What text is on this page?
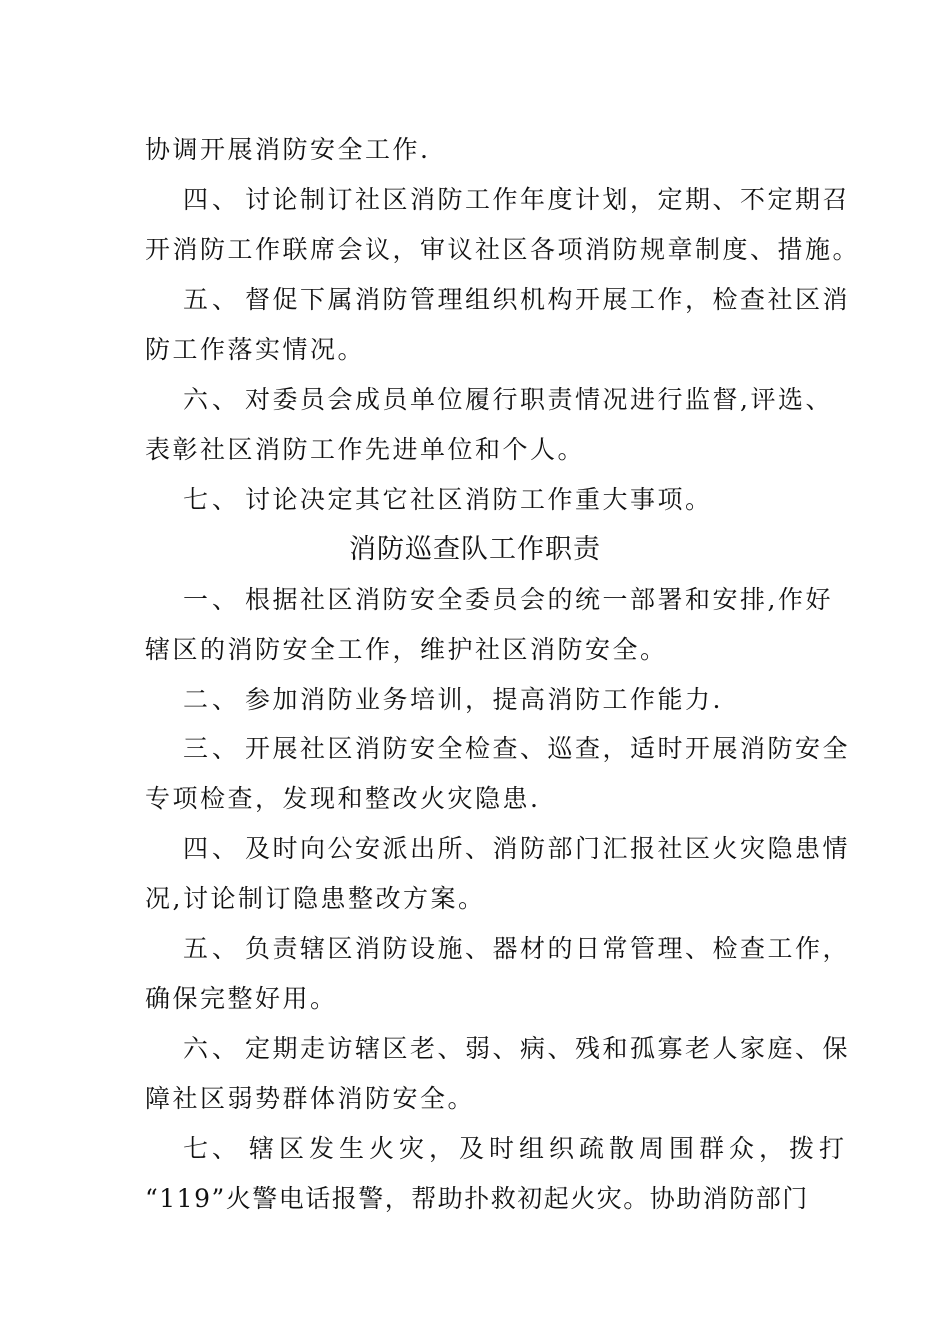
协调开展消防安全工作.
四、 讨论制订社区消防工作年度计划，定期、不定期召
开消防工作联席会议，审议社区各项消防规章制度、措施。
五、 督促下属消防管理组织机构开展工作，检查社区消
防工作落实情况。
六、 对委员会成员单位履行职责情况进行监督,评选、
表彰社区消防工作先进单位和个人。
七、 讨论决定其它社区消防工作重大事项。
消防巡查队工作职责
一、 根据社区消防安全委员会的统一部署和安排,作好
辖区的消防安全工作，维护社区消防安全。
二、 参加消防业务培训，提高消防工作能力.
三、 开展社区消防安全检查、巡查，适时开展消防安全
专项检查，发现和整改火灾隐患.
四、 及时向公安派出所、消防部门汇报社区火灾隐患情
况,讨论制订隐患整改方案。
五、 负责辖区消防设施、器材的日常管理、检查工作，
确保完整好用。
六、 定期走访辖区老、弱、病、残和孤寡老人家庭、保
障社区弱势群体消防安全。
七、 辖区发生火灾，及时组织疏散周围群众，拨打
“119”火警电话报警，帮助扑救初起火灾。协助消防部门
